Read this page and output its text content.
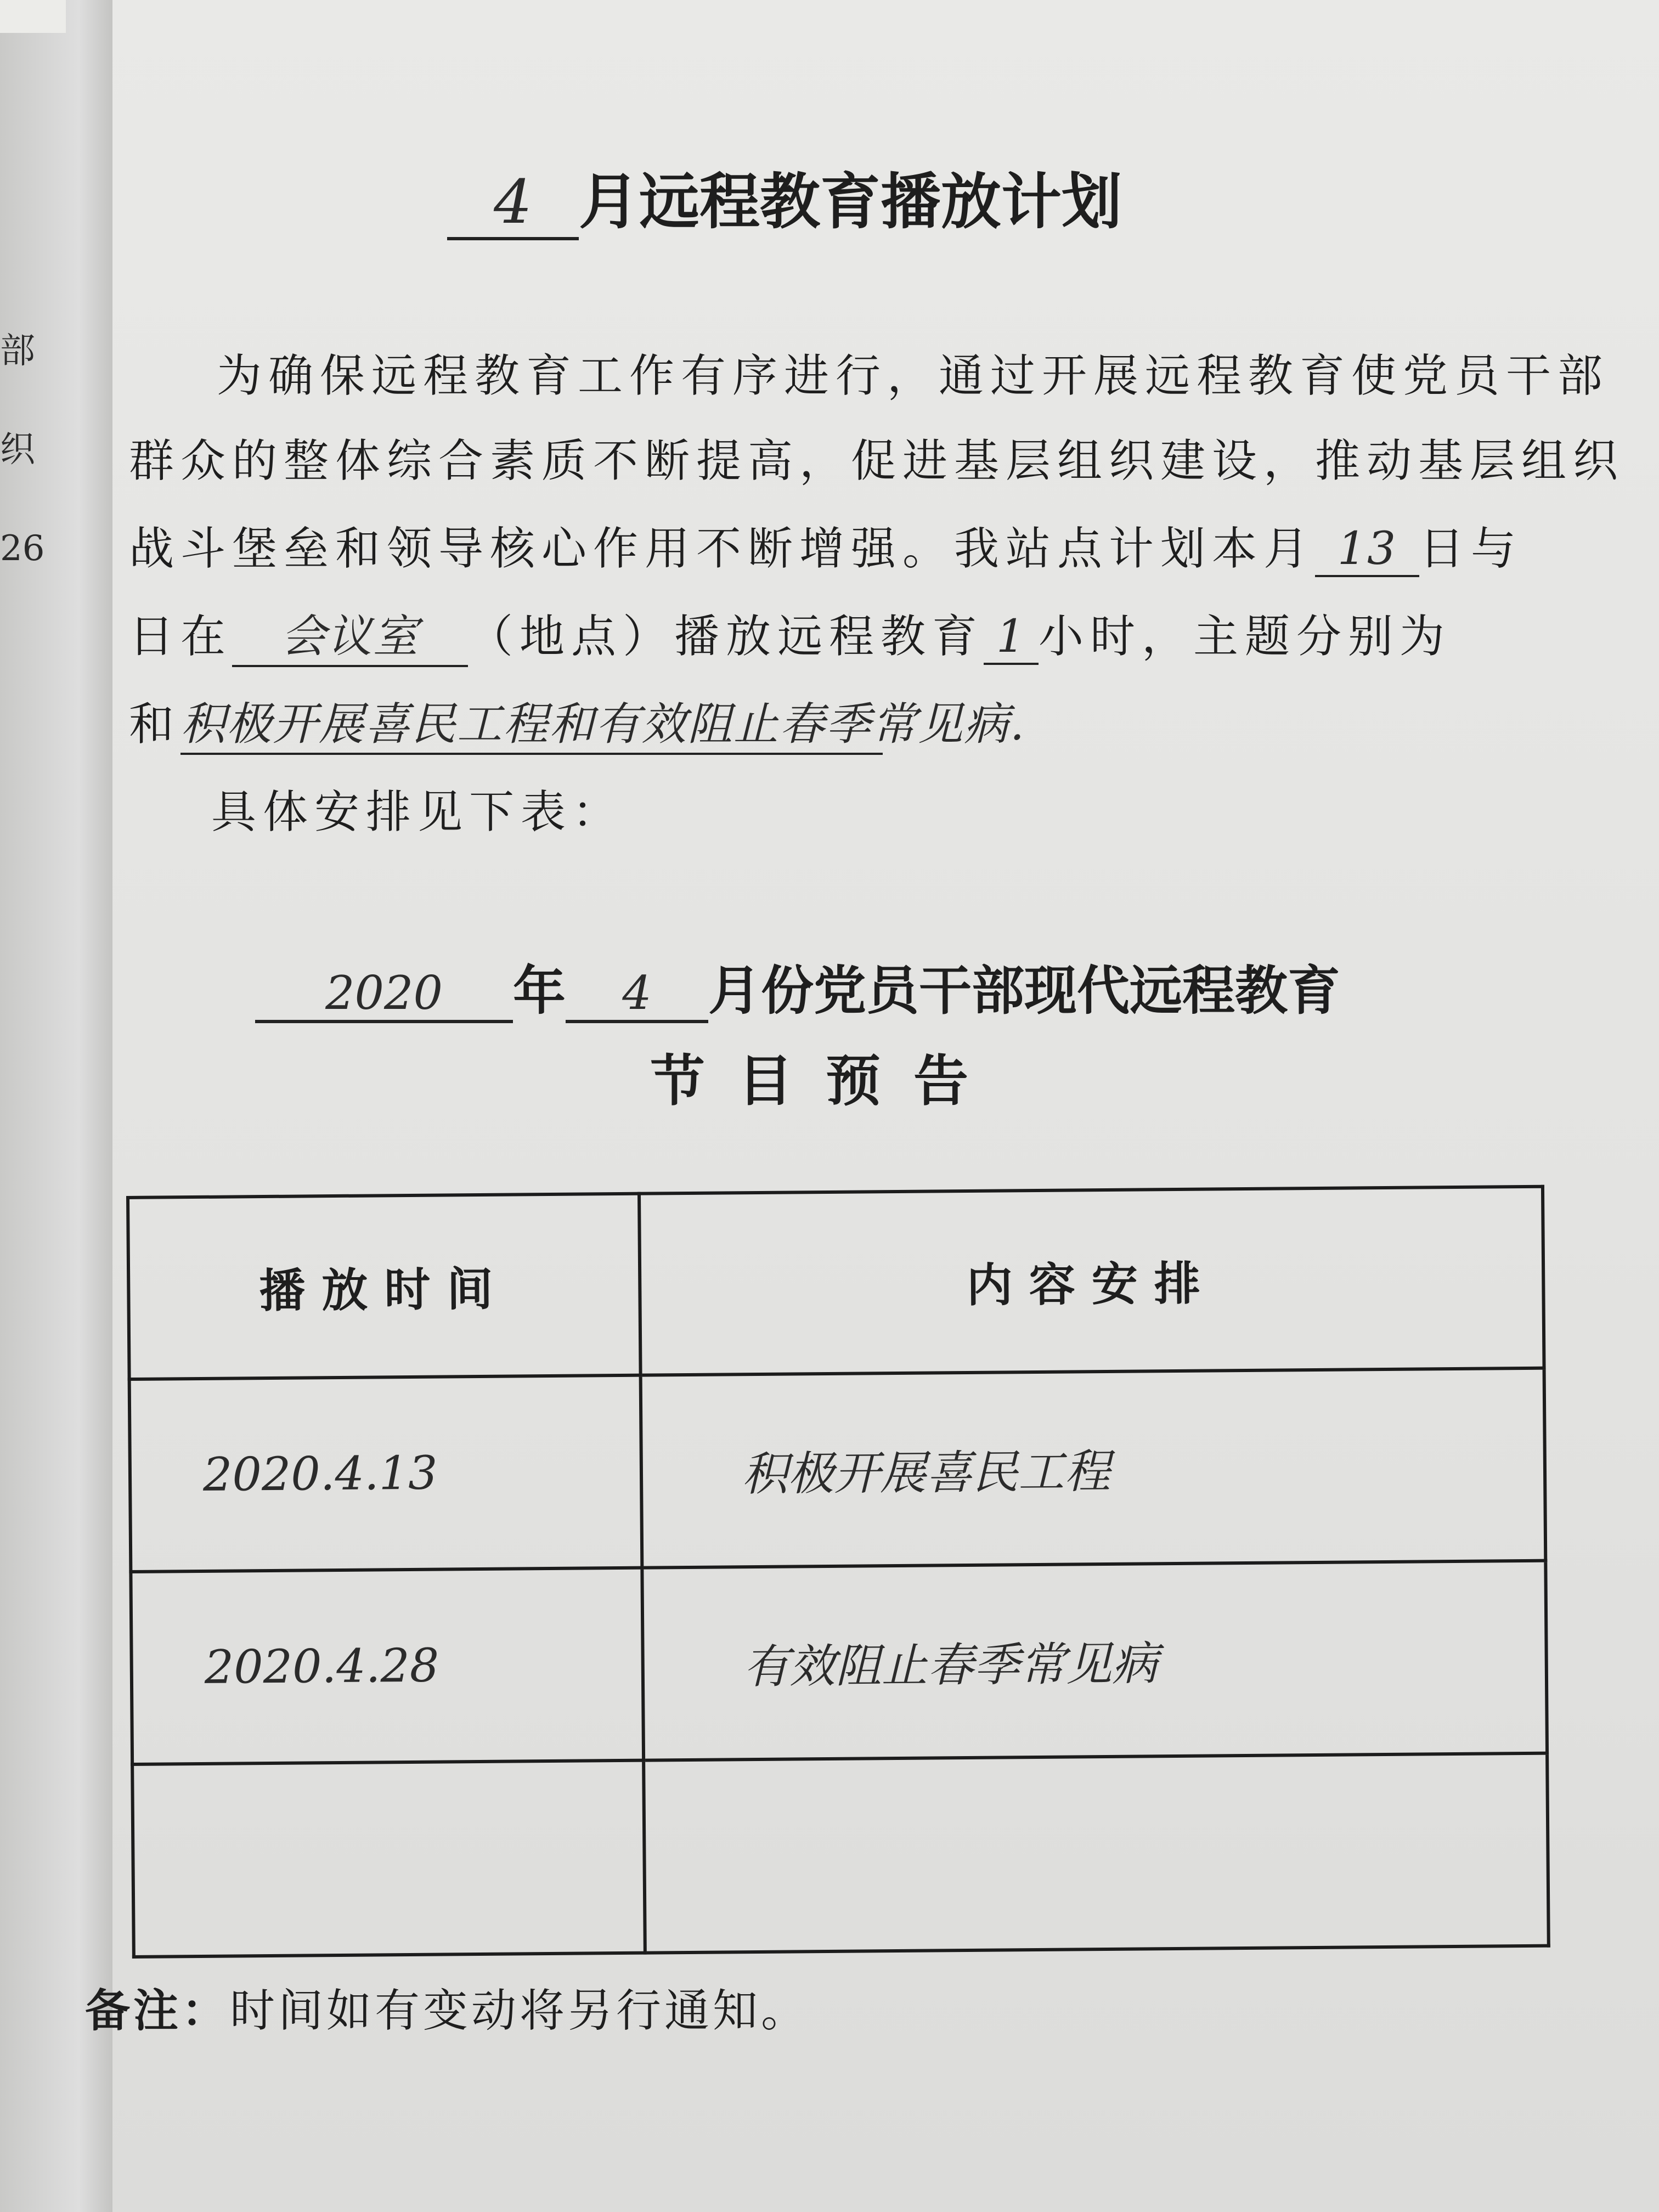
部
织
26
4 月远程教育播放计划
为确保远程教育工作有序进行，通过开展远程教育使党员干部
群众的整体综合素质不断提高，促进基层组织建设，推动基层组织
战斗堡垒和领导核心作用不断增强。我站点计划本月 13 日与
日在 会议室 （地点）播放远程教育 1 小时，主题分别为
和积极开展喜民工程和有效阻止春季常见病.
具体安排见下表：
2020 年 4 月份党员干部现代远程教育
节目预告
播放时间	内容安排
2020.4.13	积极开展喜民工程
2020.4.28	有效阻止春季常见病

备注：时间如有变动将另行通知。
